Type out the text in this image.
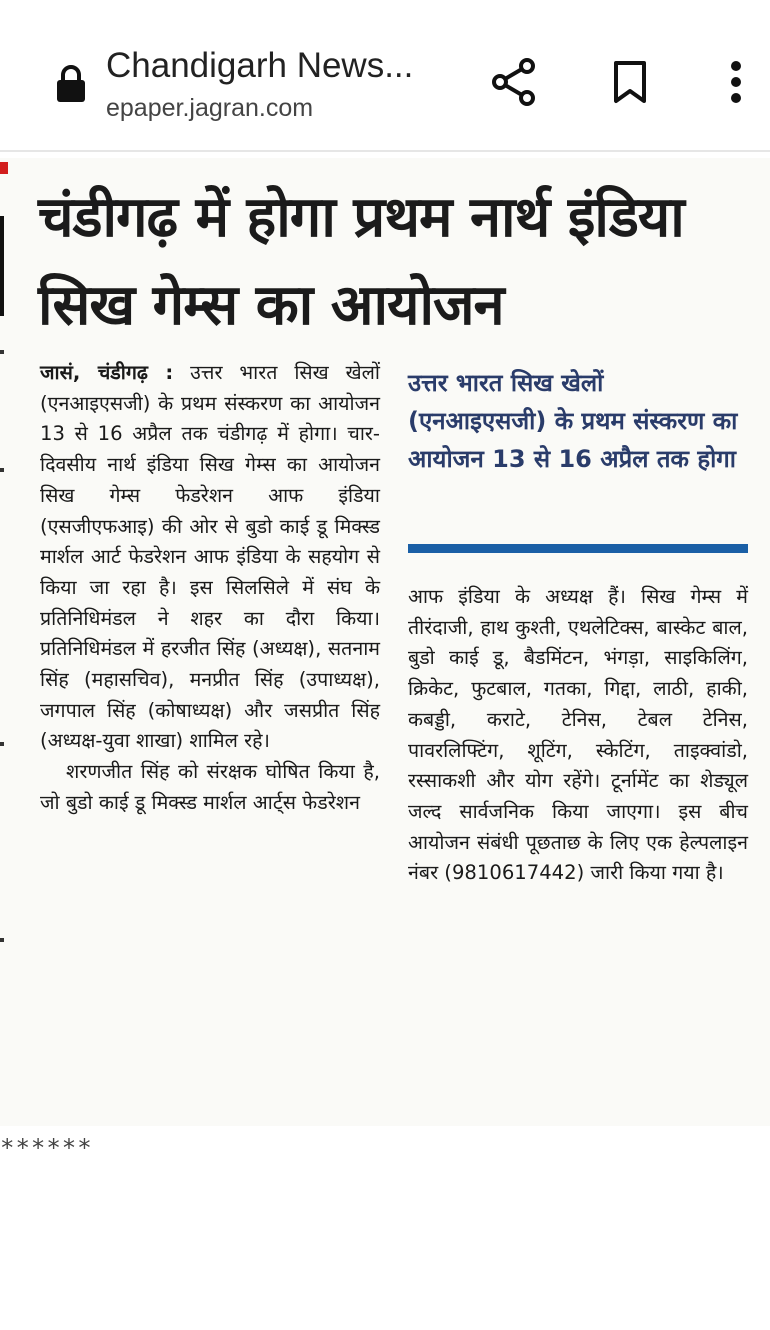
Chandigarh News...
epaper.jagran.com
चंडीगढ़ में होगा प्रथम नार्थ इंडिया सिख गेम्स का आयोजन

जासं, चंडीगढ़ : उत्तर भारत सिख खेलों (एनआइएसजी) के प्रथम संस्करण का आयोजन 13 से 16 अप्रैल तक चंडीगढ़ में होगा। चार-दिवसीय नार्थ इंडिया सिख गेम्स का आयोजन सिख गेम्स फेडरेशन आफ इंडिया (एसजीएफआइ) की ओर से बुडो काई डू मिक्स्ड मार्शल आर्ट फेडरेशन आफ इंडिया के सहयोग से किया जा रहा है। इस सिलसिले में संघ के प्रतिनिधिमंडल ने शहर का दौरा किया। प्रतिनिधिमंडल में हरजीत सिंह (अध्यक्ष), सतनाम सिंह (महासचिव), मनप्रीत सिंह (उपाध्यक्ष), जगपाल सिंह (कोषाध्यक्ष) और जसप्रीत सिंह (अध्यक्ष-युवा शाखा) शामिल रहे।

शरणजीत सिंह को संरक्षक घोषित किया है, जो बुडो काई डू मिक्स्ड मार्शल आर्ट्स फेडरेशन

उत्तर भारत सिख खेलों (एनआइएसजी) के प्रथम संस्करण का आयोजन 13 से 16 अप्रैल तक होगा

आफ इंडिया के अध्यक्ष हैं। सिख गेम्स में तीरंदाजी, हाथ कुश्ती, एथलेटिक्स, बास्केट बाल, बुडो काई डू, बैडमिंटन, भंगड़ा, साइकिलिंग, क्रिकेट, फुटबाल, गतका, गिद्दा, लाठी, हाकी, कबड्डी, कराटे, टेनिस, टेबल टेनिस, पावरलिफ्टिंग, शूटिंग, स्केटिंग, ताइक्वांडो, रस्साकशी और योग रहेंगे। टूर्नामेंट का शेड्यूल जल्द सार्वजनिक किया जाएगा। इस बीच आयोजन संबंधी पूछताछ के लिए एक हेल्पलाइन नंबर (9810617442) जारी किया गया है।

******
